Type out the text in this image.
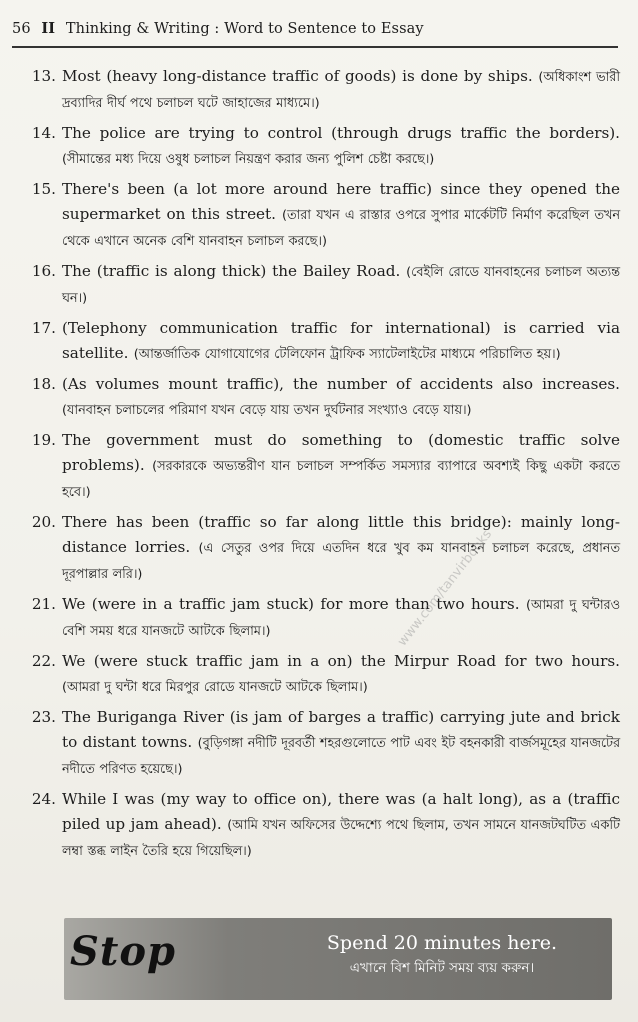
56 II Thinking & Writing : Word to Sentence to Essay
13. Most (heavy long-distance traffic of goods) is done by ships. (অধিকাংশ ভারী দ্রব্যাদির দীর্ঘ পথে চলাচল ঘটে জাহাজের মাধ্যমে।)
14. The police are trying to control (through drugs traffic the borders). (সীমান্তের মধ্য দিয়ে ওষুধ চলাচল নিয়ন্ত্রণ করার জন্য পুলিশ চেষ্টা করছে।)
15. There's been (a lot more around here traffic) since they opened the supermarket on this street. (তারা যখন এ রাস্তার ওপরে সুপার মার্কেটটি নির্মাণ করেছিল তখন থেকে এখানে অনেক বেশি যানবাহন চলাচল করছে।)
16. The (traffic is along thick) the Bailey Road. (বেইলি রোডে যানবাহনের চলাচল অত্যন্ত ঘন।)
17. (Telephony communication traffic for international) is carried via satellite. (আন্তর্জাতিক যোগাযোগের টেলিফোন ট্রাফিক স্যাটেলাইটের মাধ্যমে পরিচালিত হয়।)
18. (As volumes mount traffic), the number of accidents also increases. (যানবাহন চলাচলের পরিমাণ যখন বেড়ে যায় তখন দুর্ঘটনার সংখ্যাও বেড়ে যায়।)
19. The government must do something to (domestic traffic solve problems). (সরকারকে অভ্যন্তরীণ যান চলাচল সম্পর্কিত সমস্যার ব্যাপারে অবশ্যই কিছু একটা করতে হবে।)
20. There has been (traffic so far along little this bridge): mainly long-distance lorries. (এ সেতুর ওপর দিয়ে এতদিন ধরে খুব কম যানবাহন চলাচল করেছে, প্রধানত দূরপাল্লার লরি।)
21. We (were in a traffic jam stuck) for more than two hours. (আমরা দু ঘন্টারও বেশি সময় ধরে যানজটে আটকে ছিলাম।)
22. We (were stuck traffic jam in a on) the Mirpur Road for two hours. (আমরা দু ঘন্টা ধরে মিরপুর রোডে যানজটে আটকে ছিলাম।)
23. The Buriganga River (is jam of barges a traffic) carrying jute and brick to distant towns. (বুড়িগঙ্গা নদীটি দূরবর্তী শহরগুলোতে পাট এবং ইট বহনকারী বার্জসমূহের যানজটের নদীতে পরিণত হয়েছে।)
24. While I was (my way to office on), there was (a halt long), as a (traffic piled up jam ahead). (আমি যখন অফিসের উদ্দেশ্যে পথে ছিলাম, তখন সামনে যানজটঘটিত একটি লম্বা স্তব্ধ লাইন তৈরি হয়ে গিয়েছিল।)
www.com/tanvirbooks
Stop	Spend 20 minutes here.
এখানে বিশ মিনিট সময় ব্যয় করুন।
